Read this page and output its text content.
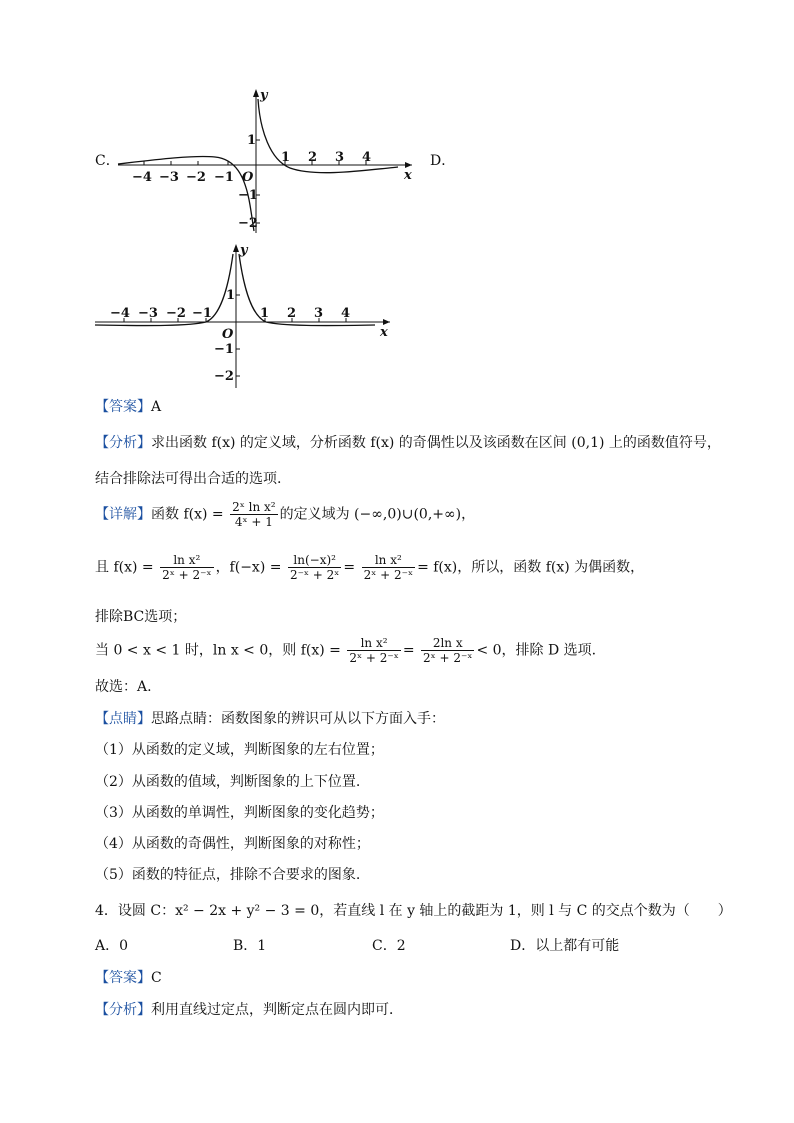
C．	D．
y
x
O
−4 −3 −2 −1
1 2 3 4
1
−1
−2
y
x
O
−4 −3 −2 −1	1 2 3 4
1
−1
−2
【答案】A
【分析】求出函数 f(x) 的定义域，分析函数 f(x) 的奇偶性以及该函数在区间 (0,1) 上的函数值符号，
结合排除法可得出合适的选项.
【详解】函数 $f(x) = \frac{\text{2ˣ ln x²}}{\text{4ˣ + 1}}$ 的定义域为 (−∞,0)∪(0,+∞)，
且 $f(x) = \frac{\text{ln x²}}{\text{2ˣ + 2⁻ˣ}}$ ，$f(-x) = \frac{\text{ln(−x)²}}{\text{2⁻ˣ + 2ˣ}} = \frac{\text{ln x²}}{\text{2ˣ + 2⁻ˣ}} = f(x)$，所以，函数 f(x) 为偶函数，
排除BC选项；
当 0 < x < 1 时，ln x < 0，则 $f(x) = \frac{\text{ln x²}}{\text{2ˣ + 2⁻ˣ}} = \frac{\text{2ln x}}{\text{2ˣ + 2⁻ˣ}} < 0$，排除 D 选项.
故选：A.
【点睛】思路点睛：函数图象的辨识可从以下方面入手：
（1）从函数的定义域，判断图象的左右位置；
（2）从函数的值域，判断图象的上下位置.
（3）从函数的单调性，判断图象的变化趋势；
（4）从函数的奇偶性，判断图象的对称性；
（5）函数的特征点，排除不合要求的图象.
4．设圆 C：x² − 2x + y² − 3 = 0，若直线 l 在 y 轴上的截距为 1，则 l 与 C 的交点个数为（　　）
A．0	B．1	C．2	D．以上都有可能
【答案】C
【分析】利用直线过定点，判断定点在圆内即可．
